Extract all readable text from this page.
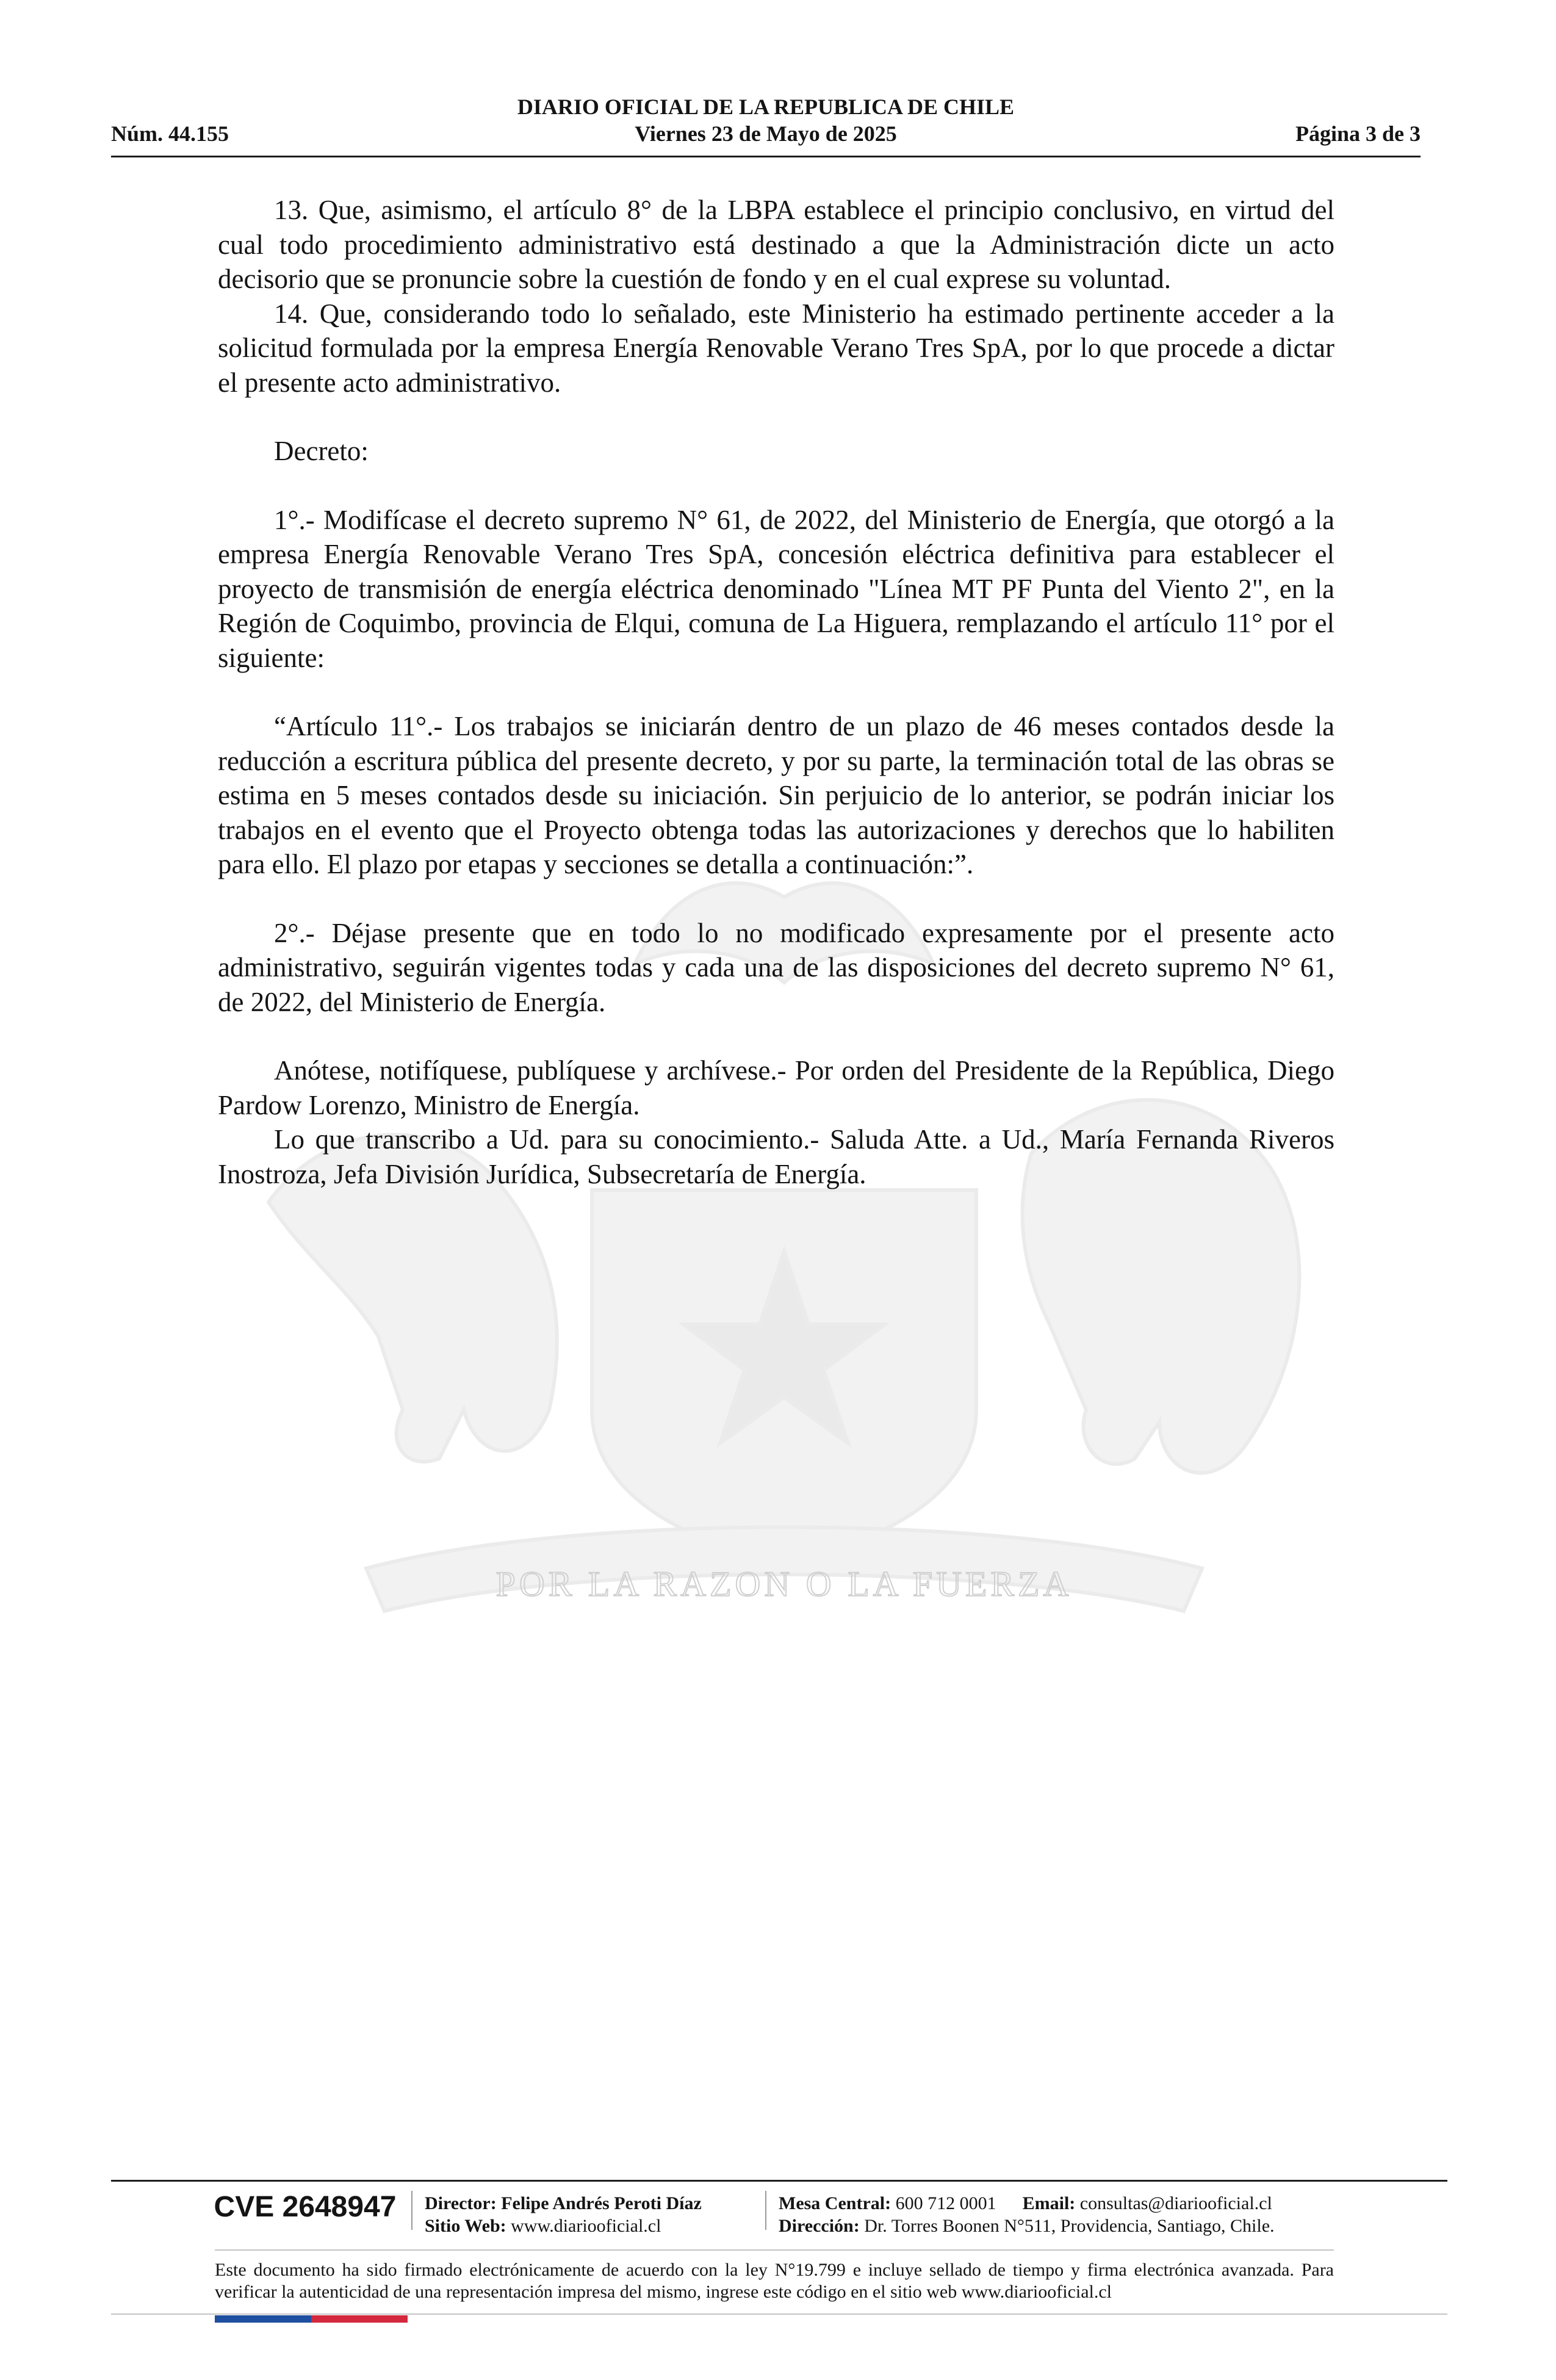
DIARIO OFICIAL DE LA REPUBLICA DE CHILE
Núm. 44.155	Viernes 23 de Mayo de 2025	Página 3 de 3
POR LA RAZON O LA FUERZA

13. Que, asimismo, el artículo 8° de la LBPA establece el principio conclusivo, en virtud del cual todo procedimiento administrativo está destinado a que la Administración dicte un acto decisorio que se pronuncie sobre la cuestión de fondo y en el cual exprese su voluntad.

14. Que, considerando todo lo señalado, este Ministerio ha estimado pertinente acceder a la solicitud formulada por la empresa Energía Renovable Verano Tres SpA, por lo que procede a dictar el presente acto administrativo.

Decreto:

1°.- Modifícase el decreto supremo N° 61, de 2022, del Ministerio de Energía, que otorgó a la empresa Energía Renovable Verano Tres SpA, concesión eléctrica definitiva para establecer el proyecto de transmisión de energía eléctrica denominado "Línea MT PF Punta del Viento 2", en la Región de Coquimbo, provincia de Elqui, comuna de La Higuera, remplazando el artículo 11° por el siguiente:

“Artículo 11°.- Los trabajos se iniciarán dentro de un plazo de 46 meses contados desde la reducción a escritura pública del presente decreto, y por su parte, la terminación total de las obras se estima en 5 meses contados desde su iniciación. Sin perjuicio de lo anterior, se podrán iniciar los trabajos en el evento que el Proyecto obtenga todas las autorizaciones y derechos que lo habiliten para ello. El plazo por etapas y secciones se detalla a continuación:”.

2°.- Déjase presente que en todo lo no modificado expresamente por el presente acto administrativo, seguirán vigentes todas y cada una de las disposiciones del decreto supremo N° 61, de 2022, del Ministerio de Energía.

Anótese, notifíquese, publíquese y archívese.- Por orden del Presidente de la República, Diego Pardow Lorenzo, Ministro de Energía.

Lo que transcribo a Ud. para su conocimiento.- Saluda Atte. a Ud., María Fernanda Riveros Inostroza, Jefa División Jurídica, Subsecretaría de Energía.

CVE 2648947 Director: Felipe Andrés Peroti Díaz
Sitio Web: www.diariooficial.cl
Mesa Central: 600 712 0001 Email: consultas@diariooficial.cl
Dirección: Dr. Torres Boonen N°511, Providencia, Santiago, Chile.
Este documento ha sido firmado electrónicamente de acuerdo con la ley N°19.799 e incluye sellado de tiempo y firma electrónica avanzada. Para verificar la autenticidad de una representación impresa del mismo, ingrese este código en el sitio web www.diariooficial.cl
